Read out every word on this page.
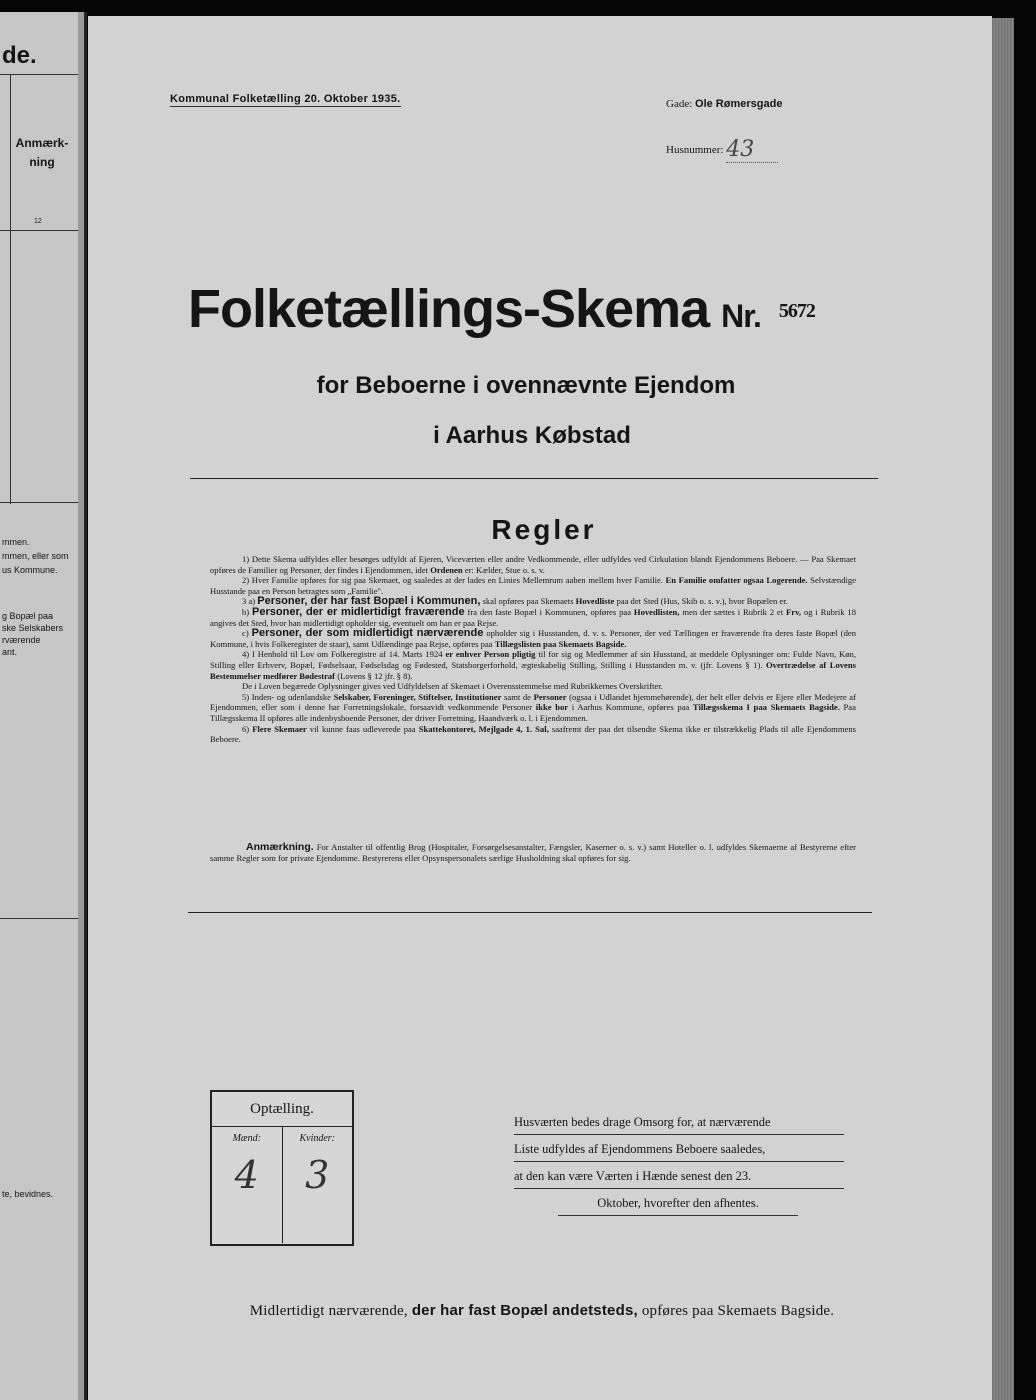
de.
Anmærk-
ning
12
mmen.
mmen, eller som
us Kommune.
g Bopæl paa
ske Selskabers
rværende
ant.
te, bevidnes.
Kommunal Folketælling 20. Oktober 1935.	Gade: Ole Rømersgade
Husnummer: 43
Folketællings-Skema Nr. 5672
for Beboerne i ovennævnte Ejendom
i Aarhus Købstad
Regler

1) Dette Skema udfyldes eller besørges udfyldt af Ejeren, Viceværten eller andre Vedkommende, eller udfyldes ved Cirkulation blandt Ejendommens Beboere. — Paa Skemaet opføres de Familier og Personer, der findes i Ejendommen, idet Ordenen er: Kælder, Stue o. s. v.

2) Hver Familie opføres for sig paa Skemaet, og saaledes at der lades en Linies Mellemrum aaben mellem hver Familie. En Familie omfatter ogsaa Logerende. Selvstændige Husstande paa en Person betragtes som „Familie".

3 a) Personer, der har fast Bopæl i Kommunen, skal opføres paa Skemaets Hovedliste paa det Sted (Hus, Skib o. s. v.), hvor Bopælen er.

b) Personer, der er midlertidigt fraværende fra den faste Bopæl i Kommunen, opføres paa Hovedlisten, men der sættes i Rubrik 2 et Frv, og i Rubrik 18 angives det Sted, hvor han midlertidigt opholder sig, eventuelt om han er paa Rejse.

c) Personer, der som midlertidigt nærværende opholder sig i Husstanden, d. v. s. Personer, der ved Tællingen er fraværende fra deres faste Bopæl (den Kommune, i hvis Folkeregister de staar), samt Udlændinge paa Rejse, opføres paa Tillægslisten paa Skemaets Bagside.

4) I Henhold til Lov om Folkeregistre af 14. Marts 1924 er enhver Person pligtig til for sig og Medlemmer af sin Husstand, at meddele Oplysninger om: Fulde Navn, Køn, Stilling eller Erhverv, Bopæl, Fødselsaar, Fødselsdag og Fødested, Statsborgerforhold, ægteskabelig Stilling, Stilling i Husstanden m. v. (jfr. Lovens § 1). Overtrædelse af Lovens Bestemmelser medfører Bødestraf (Lovens § 12 jfr. § 8).

De i Loven begærede Oplysninger gives ved Udfyldelsen af Skemaet i Overensstemmelse med Rubrikkernes Overskrifter.

5) Inden- og udenlandske Selskaber, Foreninger, Stiftelser, Institutioner samt de Personer (ogsaa i Udlandet hjemmehørende), der helt eller delvis er Ejere eller Medejere af Ejendommen, eller som i denne har Forretningslokale, forsaavidt vedkommende Personer ikke bor i Aarhus Kommune, opføres paa Tillægsskema I paa Skemaets Bagside. Paa Tillægsskema II opføres alle indenbysboende Personer, der driver Forretning, Haandværk o. l. i Ejendommen.

6) Flere Skemaer vil kunne faas udleverede paa Skattekontoret, Mejlgade 4, 1. Sal, saafremt der paa det tilsendte Skema ikke er tilstrækkelig Plads til alle Ejendommens Beboere.

Anmærkning. For Anstalter til offentlig Brug (Hospitaler, Forsørgelsesanstalter, Fængsler, Kaserner o. s. v.) samt Hoteller o. l. udfyldes Skemaerne af Bestyrerne efter samme Regler som for private Ejendomme. Bestyrerens eller Opsynspersonalets særlige Husholdning skal opføres for sig.
Optælling.
Mænd:
4
Kvinder:
3
Husværten bedes drage Omsorg for, at nærværende
Liste udfyldes af Ejendommens Beboere saaledes,
at den kan være Værten i Hænde senest den 23.
Oktober, hvorefter den afhentes.
Midlertidigt nærværende, der har fast Bopæl andetsteds, opføres paa Skemaets Bagside.
